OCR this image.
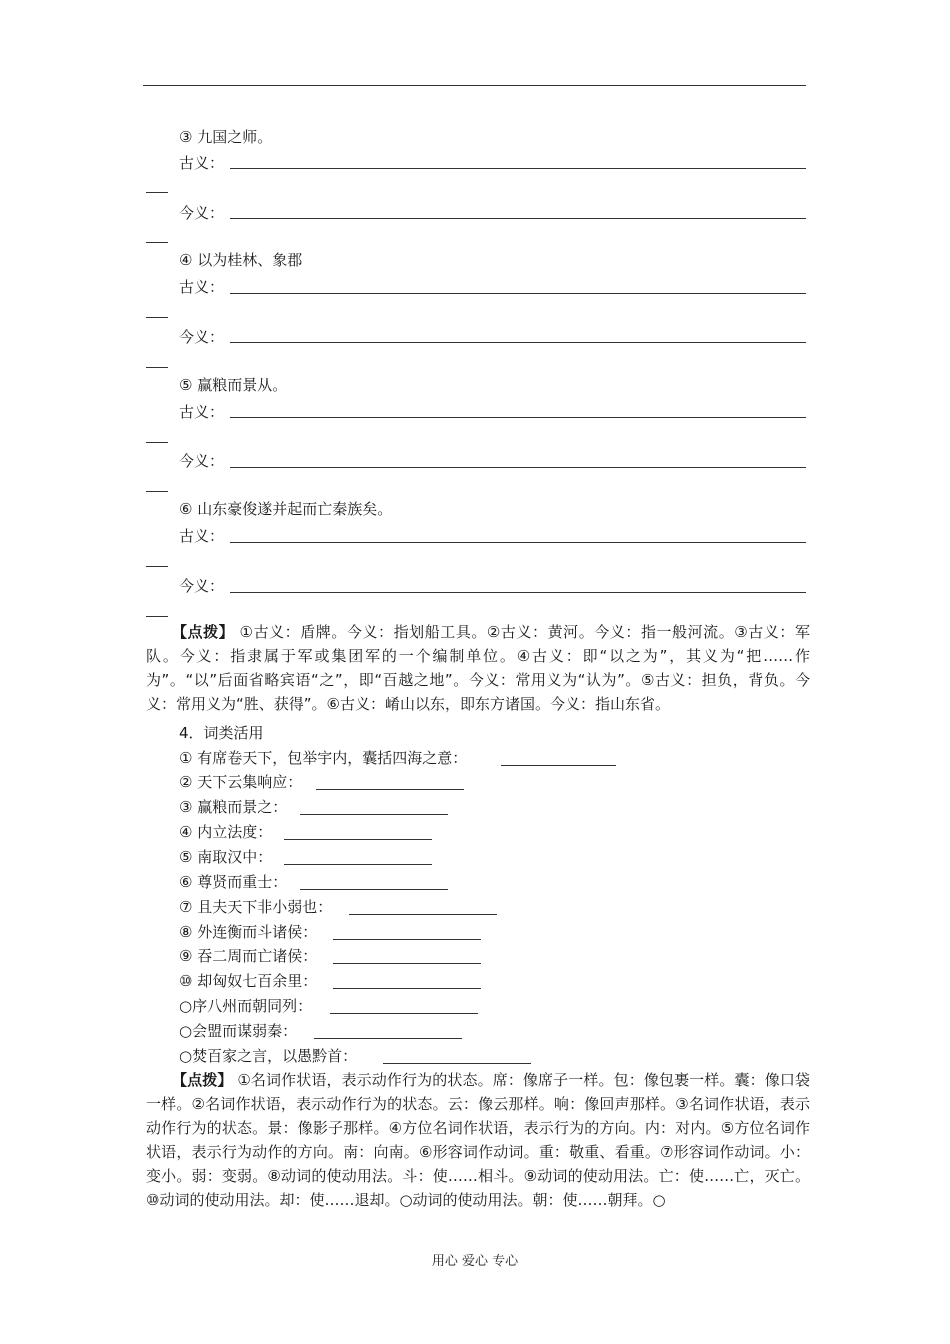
③ 九国之师。
古义：
今义：
④ 以为桂林、象郡
古义：
今义：
⑤ 赢粮而景从。
古义：
今义：
⑥ 山东豪俊遂并起而亡秦族矣。
古义：
今义：
【点拨】 ①古义：盾牌。今义：指划船工具。②古义：黄河。今义：指一般河流。③古义：军队。今义：指隶属于军或集团军的一个编制单位。④古义：即“以之为”，其义为“把……作为”。“以”后面省略宾语“之”，即“百越之地”。今义：常用义为“认为”。⑤古义：担负，背负。今义：常用义为“胜、获得”。⑥古义：崤山以东，即东方诸国。今义：指山东省。
4．词类活用
① 有席卷天下，包举宇内，囊括四海之意：
② 天下云集响应：
③ 赢粮而景之：
④ 内立法度：
⑤ 南取汉中：
⑥ 尊贤而重士：
⑦ 且夫天下非小弱也：
⑧ 外连衡而斗诸侯：
⑨ 吞二周而亡诸侯：
⑩ 却匈奴七百余里：
○序八州而朝同列：
○会盟而谋弱秦：
○焚百家之言，以愚黔首：
【点拨】 ①名词作状语，表示动作行为的状态。席：像席子一样。包：像包裹一样。囊：像口袋一样。②名词作状语，表示动作行为的状态。云：像云那样。响：像回声那样。③名词作状语，表示动作行为的状态。景：像影子那样。④方位名词作状语，表示行为的方向。内：对内。⑤方位名词作状语，表示行为动作的方向。南：向南。⑥形容词作动词。重：敬重、看重。⑦形容词作动词。小：变小。弱：变弱。⑧动词的使动用法。斗：使……相斗。⑨动词的使动用法。亡：使……亡，灭亡。⑩动词的使动用法。却：使……退却。○动词的使动用法。朝：使……朝拜。○
用心 爱心 专心
